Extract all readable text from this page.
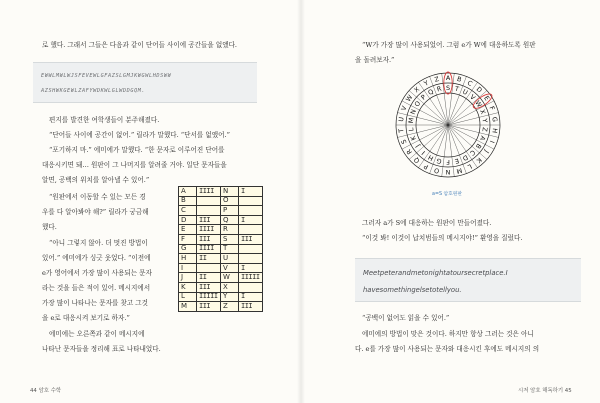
로 했다. 그래서 그들은 다음과 같이 단어들 사이에 공간들을 없앴다.
EWWLMWLWJSFEVEWLGFAZSLGMJKWGWLHDSWW
AZSHWKGEWLZAFYWDKWLGLWDDGQM.
편지를 발견한 여학생들이 분주해졌다.
“단어들 사이에 공간이 없어.” 릴라가 말했다. “단서를 없앴어.”
“포기하지 마.” 에미에가 말했다. “한 문자로 이루어진 단어를
대응시키면 돼… 원판이 그 나머지를 알려줄 거야. 일단 문자들을
알면, 공백의 위치를 알아낼 수 있어.”
“원판에서 이동할 수 있는 모든 경
우를 다 알아봐야 해?” 릴라가 궁금해
했다.
“아니 그렇지 않아. 더 멋진 방법이
있어.” 에미에가 싱긋 웃었다. “이전에
e가 영어에서 가장 많이 사용되는 문자
라는 것을 들은 적이 있어. 메시지에서
가장 많이 나타나는 문자를 찾고 그것
을 e로 대응시켜 보기로 하자.”
에미에는 오른쪽과 같이 메시지에
나타난 문자들을 정리해 표로 나타내었다.
A	IIII	N	I
B		O	
C		P	
D	III	Q	I
E	IIII	R	
F	III	S	III
G	IIII	T	
H	II	U	
I		V	I
J	II	W	IIIII
K	III	X	
L	IIIII	Y	I
M	III	Z	III
44 암호 수학
“W가 가장 많이 사용되었어. 그럼 e가 W에 대응하도록 원판
을 돌려보자.”
A
S
B
T
C
U D
V E
W F
X
G
Y
H
Z
I
A
J
B
K
C
L
D
M
E
N
F
O
G
P
H
Q
I
R
J
S
K
T L
U M
V N
W
O
X
P
Y
Q
Z
R
a=S 암호원판
그러자 a가 S에 대응하는 원판이 만들어졌다.
“이것 봐! 이것이 납치범들의 메시지야!” 환영을 질렀다.
Meetpeterandmetonightatoursecretplace.I
havesomethingelsetotellyou.
“공백이 없어도 읽을 수 있어.”
에미에의 방법이 맞은 것이다. 하지만 항상 그러는 것은 아니
다. e를 가장 많이 사용되는 문자와 대응시킨 후에도 메시지의 의
시저 암호 해독하기 45
